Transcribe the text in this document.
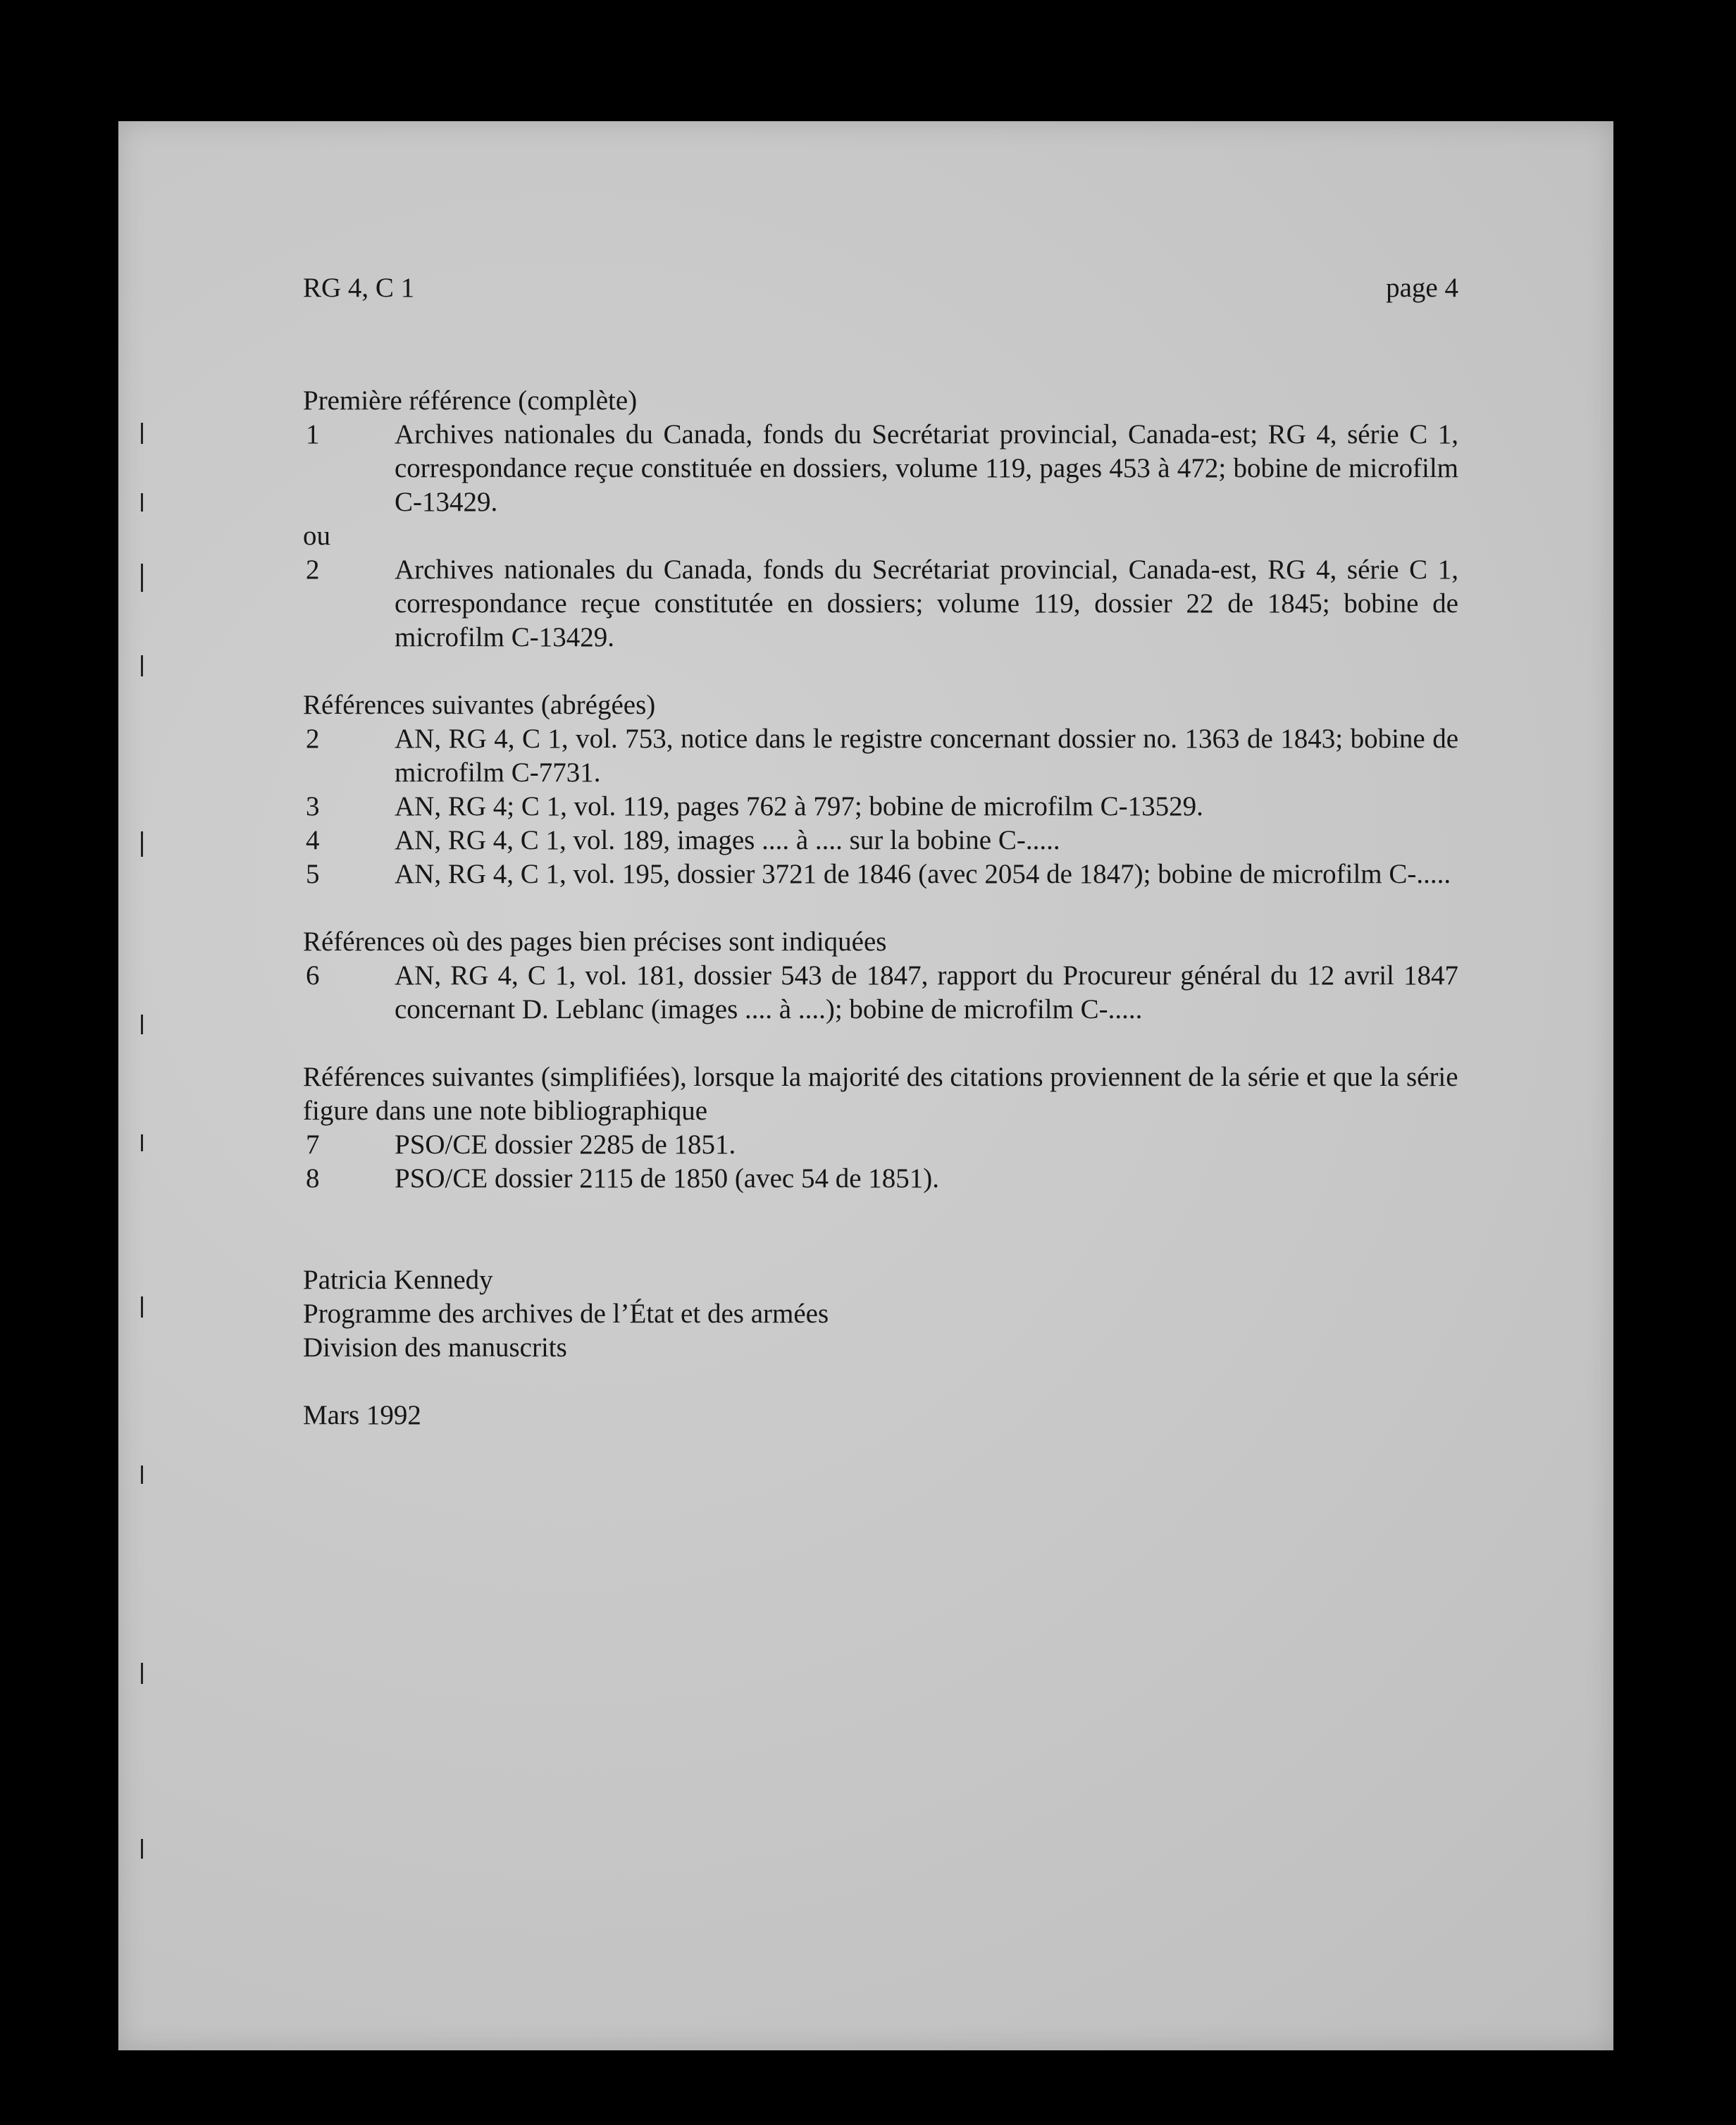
RG 4, C 1	page 4
Première référence (complète)
1	Archives nationales du Canada, fonds du Secrétariat provincial, Canada-est; RG 4, série C 1, correspondance reçue constituée en dossiers, volume 119, pages 453 à 472; bobine de microfilm C-13429.
ou
2	Archives nationales du Canada, fonds du Secrétariat provincial, Canada-est, RG 4, série C 1, correspondance reçue constitutée en dossiers; volume 119, dossier 22 de 1845; bobine de microfilm C-13429.
Références suivantes (abrégées)
2	AN, RG 4, C 1, vol. 753, notice dans le registre concernant dossier no. 1363 de 1843; bobine de microfilm C-7731.
3	AN, RG 4; C 1, vol. 119, pages 762 à 797; bobine de microfilm C-13529.
4	AN, RG 4, C 1, vol. 189, images .... à .... sur la bobine C-.....
5	AN, RG 4, C 1, vol. 195, dossier 3721 de 1846 (avec 2054 de 1847); bobine de microfilm C-.....
Références où des pages bien précises sont indiquées
6	AN, RG 4, C 1, vol. 181, dossier 543 de 1847, rapport du Procureur général du 12 avril 1847 concernant D. Leblanc (images .... à ....); bobine de microfilm C-.....
Références suivantes (simplifiées), lorsque la majorité des citations proviennent de la série et que la série figure dans une note bibliographique
7	PSO/CE dossier 2285 de 1851.
8	PSO/CE dossier 2115 de 1850 (avec 54 de 1851).
Patricia Kennedy
Programme des archives de l’État et des armées
Division des manuscrits
Mars 1992
